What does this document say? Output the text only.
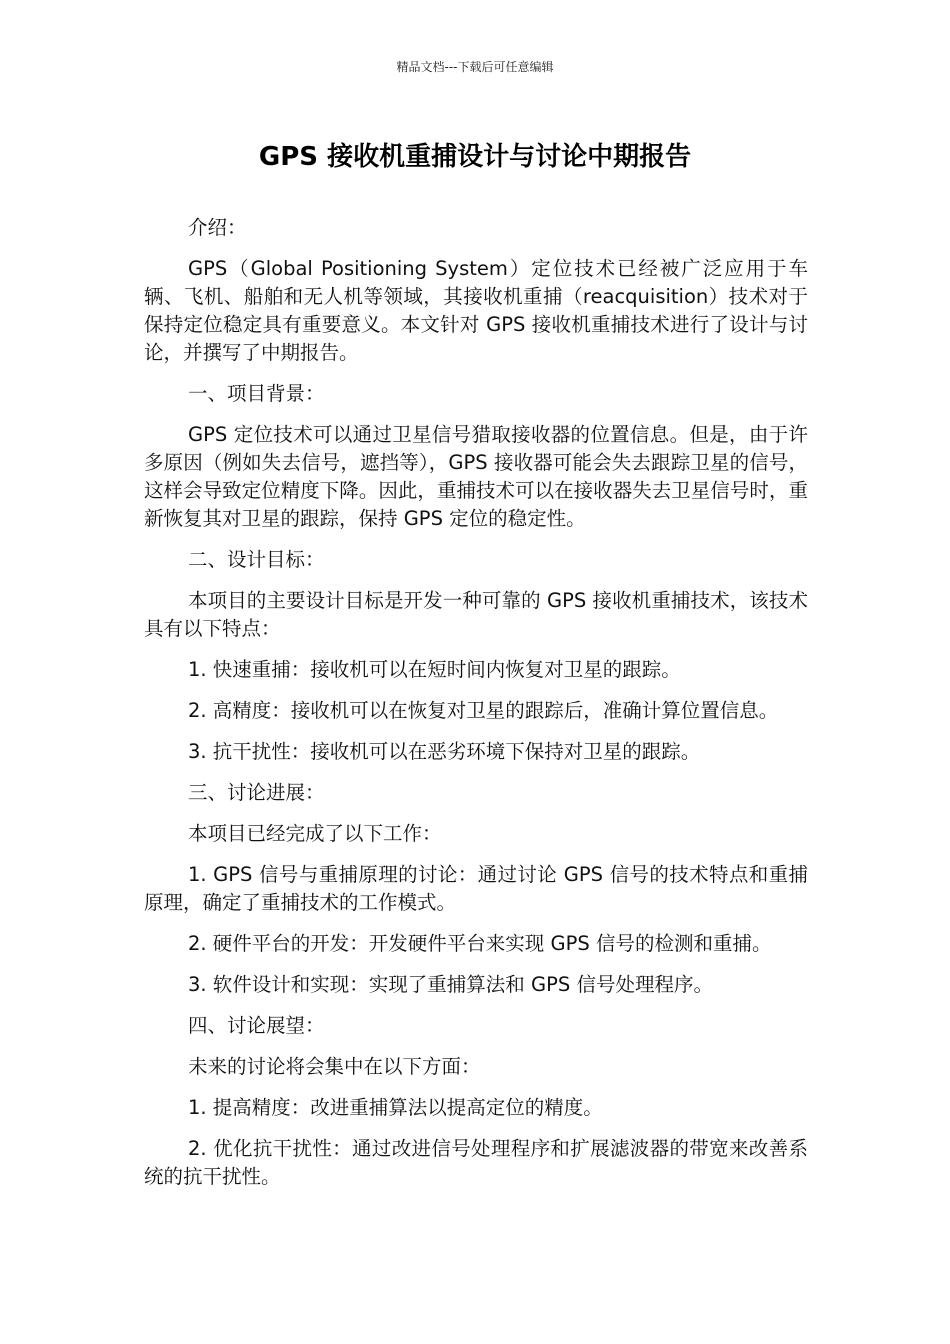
精品文档---下载后可任意编辑
GPS 接收机重捕设计与讨论中期报告

介绍：

GPS（Global Positioning System）定位技术已经被广泛应用于车辆、飞机、船舶和无人机等领域，其接收机重捕（reacquisition）技术对于保持定位稳定具有重要意义。本文针对 GPS 接收机重捕技术进行了设计与讨论，并撰写了中期报告。

一、项目背景：

GPS 定位技术可以通过卫星信号猎取接收器的位置信息。但是，由于许多原因（例如失去信号，遮挡等），GPS 接收器可能会失去跟踪卫星的信号，这样会导致定位精度下降。因此，重捕技术可以在接收器失去卫星信号时，重新恢复其对卫星的跟踪，保持 GPS 定位的稳定性。

二、设计目标：

本项目的主要设计目标是开发一种可靠的 GPS 接收机重捕技术，该技术具有以下特点：

1. 快速重捕：接收机可以在短时间内恢复对卫星的跟踪。

2. 高精度：接收机可以在恢复对卫星的跟踪后，准确计算位置信息。

3. 抗干扰性：接收机可以在恶劣环境下保持对卫星的跟踪。

三、讨论进展：

本项目已经完成了以下工作：

1. GPS 信号与重捕原理的讨论：通过讨论 GPS 信号的技术特点和重捕原理，确定了重捕技术的工作模式。

2. 硬件平台的开发：开发硬件平台来实现 GPS 信号的检测和重捕。

3. 软件设计和实现：实现了重捕算法和 GPS 信号处理程序。

四、讨论展望：

未来的讨论将会集中在以下方面：

1. 提高精度：改进重捕算法以提高定位的精度。

2. 优化抗干扰性：通过改进信号处理程序和扩展滤波器的带宽来改善系统的抗干扰性。
